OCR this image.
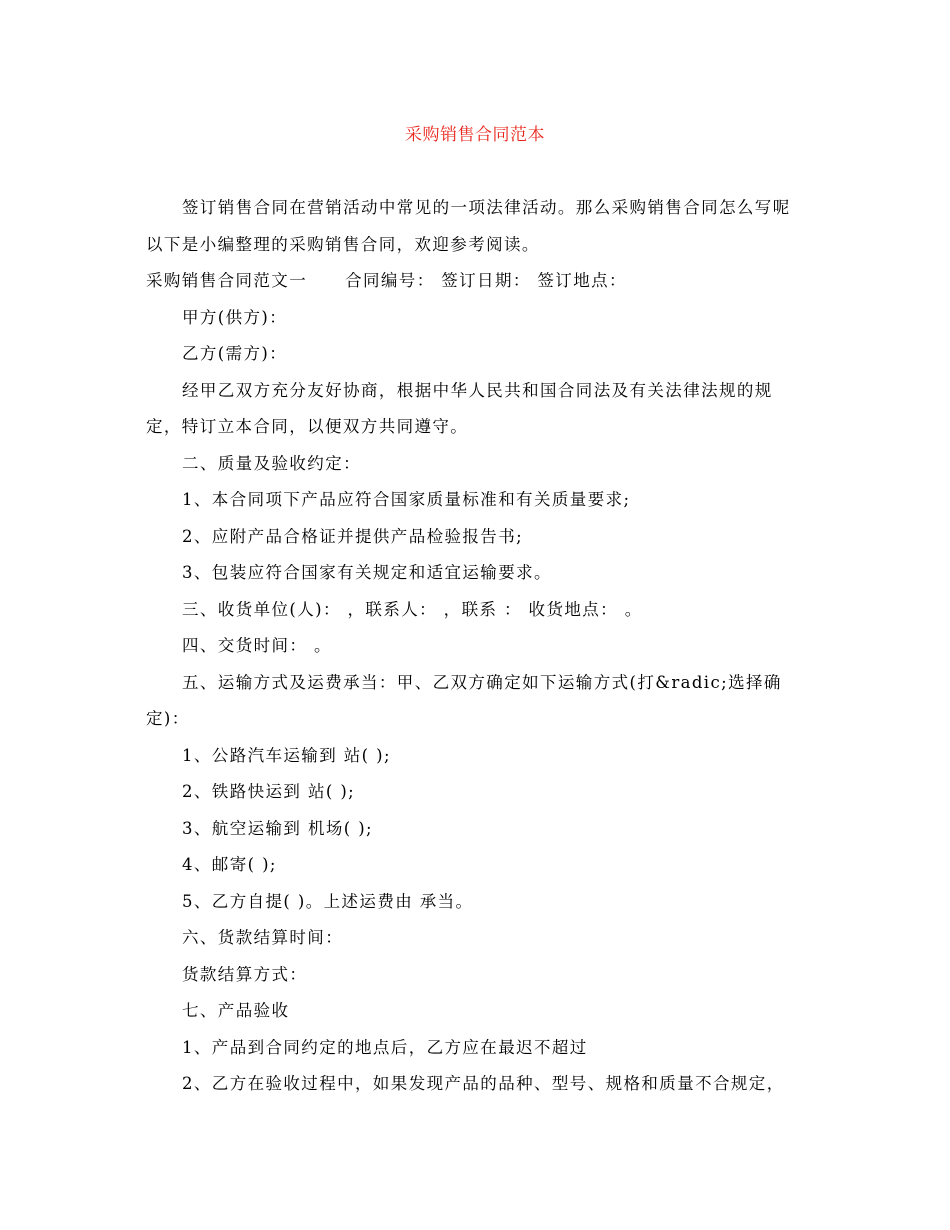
采购销售合同范本

签订销售合同在营销活动中常见的一项法律活动。那么采购销售合同怎么写呢以下是小编整理的采购销售合同，欢迎参考阅读。

采购销售合同范文一 合同编号： 签订日期： 签订地点：

甲方(供方)：

乙方(需方)：

经甲乙双方充分友好协商，根据中华人民共和国合同法及有关法律法规的规定，特订立本合同，以便双方共同遵守。

二、质量及验收约定：

1、本合同项下产品应符合国家质量标准和有关质量要求;

2、应附产品合格证并提供产品检验报告书;

3、包装应符合国家有关规定和适宜运输要求。

三、收货单位(人)： ，联系人： ，联系 ： 收货地点： 。

四、交货时间： 。

五、运输方式及运费承当：甲、乙双方确定如下运输方式(打&radic;选择确定)：

1、公路汽车运输到 站( );

2、铁路快运到 站( );

3、航空运输到 机场( );

4、邮寄( );

5、乙方自提( )。上述运费由 承当。

六、货款结算时间：

货款结算方式：

七、产品验收

1、产品到合同约定的地点后，乙方应在最迟不超过

2、乙方在验收过程中，如果发现产品的品种、型号、规格和质量不合规定，
